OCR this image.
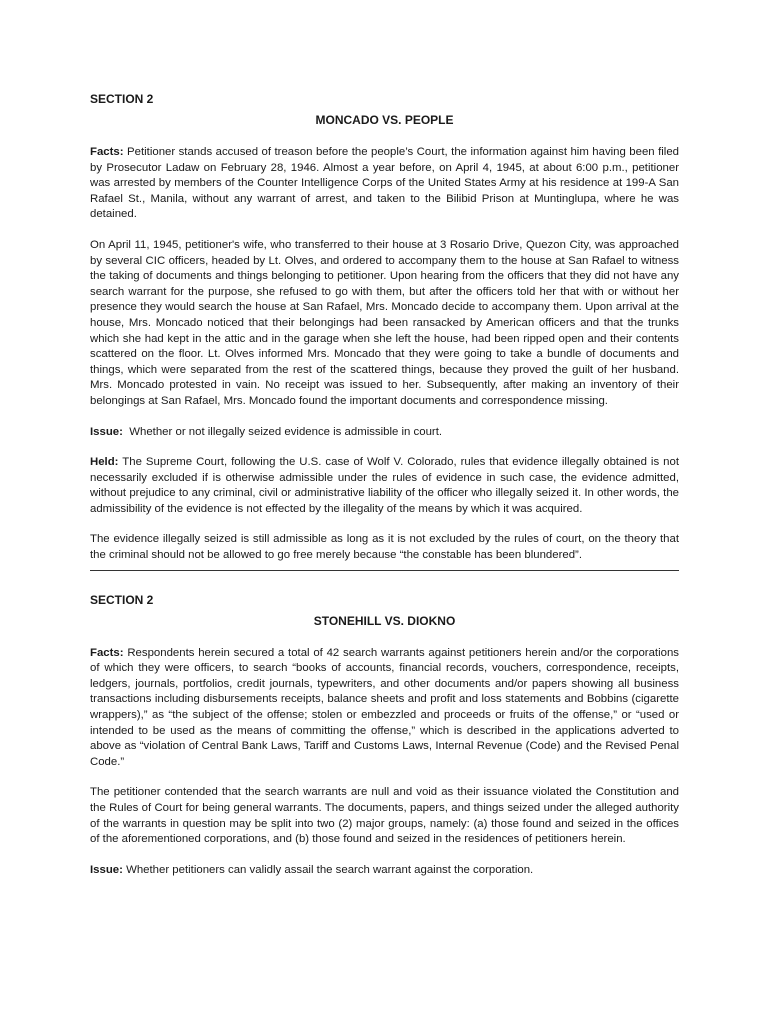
SECTION 2
MONCADO VS. PEOPLE

Facts: Petitioner stands accused of treason before the people’s Court, the information against him having been filed by Prosecutor Ladaw on February 28, 1946. Almost a year before, on April 4, 1945, at about 6:00 p.m., petitioner was arrested by members of the Counter Intelligence Corps of the United States Army at his residence at 199-A San Rafael St., Manila, without any warrant of arrest, and taken to the Bilibid Prison at Muntinglupa, where he was detained.

On April 11, 1945, petitioner's wife, who transferred to their house at 3 Rosario Drive, Quezon City, was approached by several CIC officers, headed by Lt. Olves, and ordered to accompany them to the house at San Rafael to witness the taking of documents and things belonging to petitioner. Upon hearing from the officers that they did not have any search warrant for the purpose, she refused to go with them, but after the officers told her that with or without her presence they would search the house at San Rafael, Mrs. Moncado decide to accompany them. Upon arrival at the house, Mrs. Moncado noticed that their belongings had been ransacked by American officers and that the trunks which she had kept in the attic and in the garage when she left the house, had been ripped open and their contents scattered on the floor. Lt. Olves informed Mrs. Moncado that they were going to take a bundle of documents and things, which were separated from the rest of the scattered things, because they proved the guilt of her husband. Mrs. Moncado protested in vain. No receipt was issued to her. Subsequently, after making an inventory of their belongings at San Rafael, Mrs. Moncado found the important documents and correspondence missing.

Issue: Whether or not illegally seized evidence is admissible in court.

Held: The Supreme Court, following the U.S. case of Wolf V. Colorado, rules that evidence illegally obtained is not necessarily excluded if is otherwise admissible under the rules of evidence in such case, the evidence admitted, without prejudice to any criminal, civil or administrative liability of the officer who illegally seized it. In other words, the admissibility of the evidence is not effected by the illegality of the means by which it was acquired.

The evidence illegally seized is still admissible as long as it is not excluded by the rules of court, on the theory that the criminal should not be allowed to go free merely because “the constable has been blundered”.

SECTION 2
STONEHILL VS. DIOKNO

Facts: Respondents herein secured a total of 42 search warrants against petitioners herein and/or the corporations of which they were officers, to search “books of accounts, financial records, vouchers, correspondence, receipts, ledgers, journals, portfolios, credit journals, typewriters, and other documents and/or papers showing all business transactions including disbursements receipts, balance sheets and profit and loss statements and Bobbins (cigarette wrappers),” as “the subject of the offense; stolen or embezzled and proceeds or fruits of the offense,” or “used or intended to be used as the means of committing the offense,” which is described in the applications adverted to above as “violation of Central Bank Laws, Tariff and Customs Laws, Internal Revenue (Code) and the Revised Penal Code.”

The petitioner contended that the search warrants are null and void as their issuance violated the Constitution and the Rules of Court for being general warrants. The documents, papers, and things seized under the alleged authority of the warrants in question may be split into two (2) major groups, namely: (a) those found and seized in the offices of the aforementioned corporations, and (b) those found and seized in the residences of petitioners herein.

Issue: Whether petitioners can validly assail the search warrant against the corporation.
